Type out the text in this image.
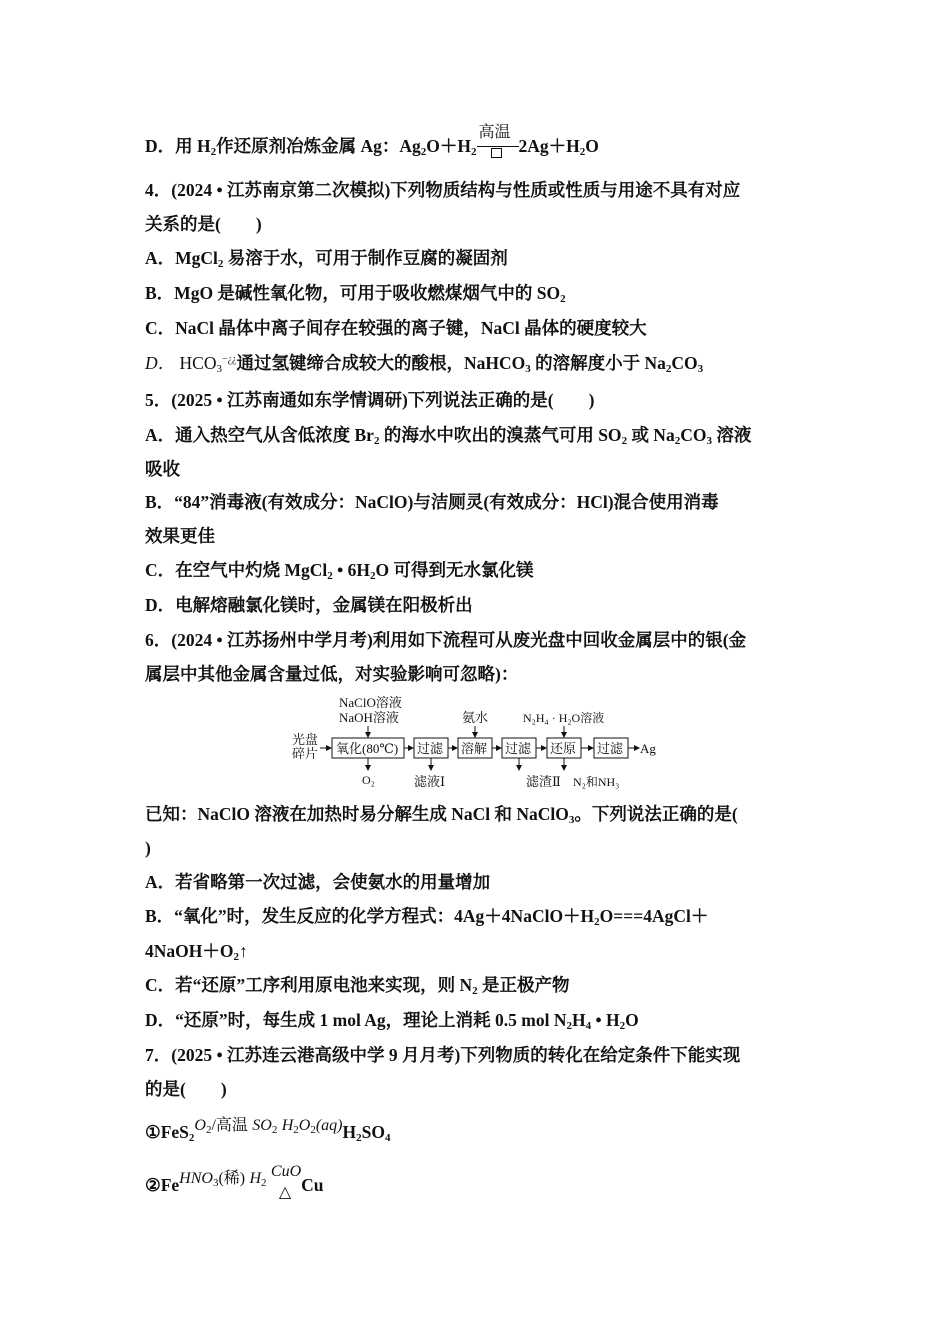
D．用 $H_2$作还原剂冶炼金属 Ag：$Ag_2O+H_2$
高温
$2Ag+H_2O$
4．(2024 • 江苏南京第二次模拟)下列物质结构与性质或性质与用途不具有对应
关系的是(　　)
A．MgCl$_2$ 易溶于水，可用于制作豆腐的凝固剂
B．MgO 是碱性氧化物，可用于吸收燃煤烟气中的 $SO_2$
C．NaCl 晶体中离子间存在较强的离子键，NaCl 晶体的硬度较大
D． $HCO_3^{-¿¿}$通过氢键缔合成较大的酸根，NaHCO$_3$ 的溶解度小于 $Na_2CO_3$
5．(2025 • 江苏南通如东学情调研)下列说法正确的是(　　)
A．通入热空气从含低浓度 $Br_2$ 的海水中吹出的溴蒸气可用 $SO_2$ 或 $Na_2CO_3$ 溶液
吸收
B．“84”消毒液(有效成分：NaClO)与洁厕灵(有效成分：HCl)混合使用消毒
效果更佳
C．在空气中灼烧 MgCl$_2$ • $6H_2O$ 可得到无水氯化镁
D．电解熔融氯化镁时，金属镁在阳极析出
6．(2024 • 江苏扬州中学月考)利用如下流程可从废光盘中回收金属层中的银(金
属层中其他金属含量过低，对实验影响可忽略)：
光盘
碎片
NaClO溶液
NaOH溶液	氨水	N₂H₄ · H₂O溶液
氧化(80℃) 过滤 溶解 过滤 还原 过滤 Ag
O₂	滤液Ⅰ	滤渣Ⅱ N₂和NH₃
已知：NaClO 溶液在加热时易分解生成 NaCl 和 NaClO$_3$。下列说法正确的是(
)
A．若省略第一次过滤，会使氨水的用量增加
B．“氧化”时，发生反应的化学方程式：$4Ag+4NaClO+H_2O===4AgCl+$
$4NaOH+O_2↑$
C．若“还原”工序利用原电池来实现，则 $N_2$ 是正极产物
D．“还原”时，每生成 1 mol Ag，理论上消耗 0.5 mol $N_2H_4$ • $H_2O$
7．(2025 • 江苏连云港高级中学 9 月月考)下列物质的转化在给定条件下能实现
的是(　　)
$①FeS_2O_2/$高温 $SO_2$ $H_2O_2(aq)H_2SO_4$
②FeHNO$_3$(稀) $H_2$ CuO
△ Cu
